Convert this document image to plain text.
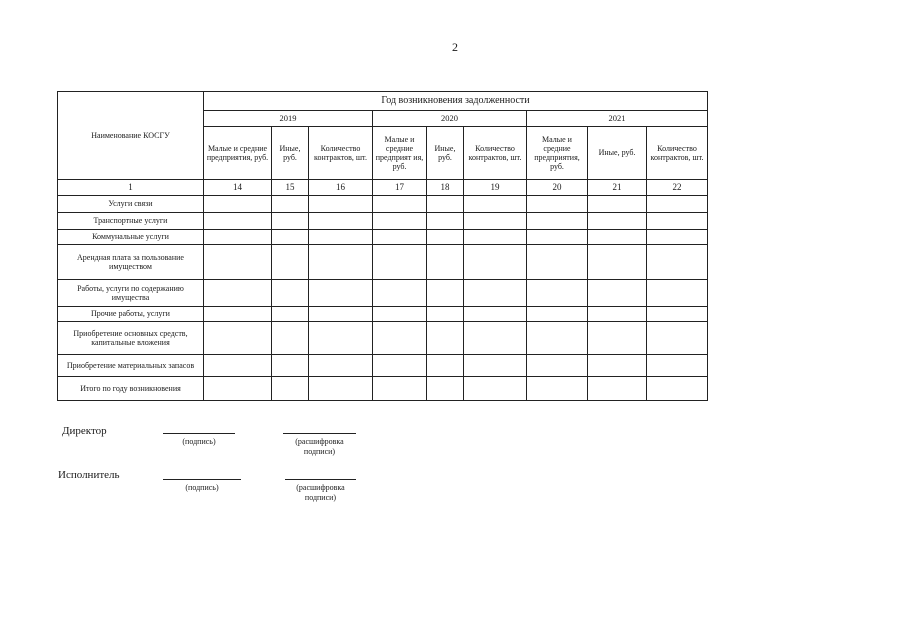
2
Наименование КОСГУ	Год возникновения задолженности								
	2019			2020			2021		
	Малые и средние предприятия, руб.	Иные, руб.	Количество контрактов, шт.	Малые и средние предприят ия, руб.	Иные, руб.	Количество контрактов, шт.	Малые и средние предприятия, руб.	Иные, руб.	Количество контрактов, шт.
1	14	15	16	17	18	19	20	21	22
Услуги связи									
Транспортные услуги									
Коммунальные услуги									
Арендная плата за пользование имуществом									
Работы, услуги по содержанию имущества									
Прочие работы, услуги									
Приобретение основных средств, капитальные вложения									
Приобретение материальных запасов									
Итого по году возникновения									
Директор
(подпись)	(расшифровка подписи)
Исполнитель
(подпись)	(расшифровка подписи)
